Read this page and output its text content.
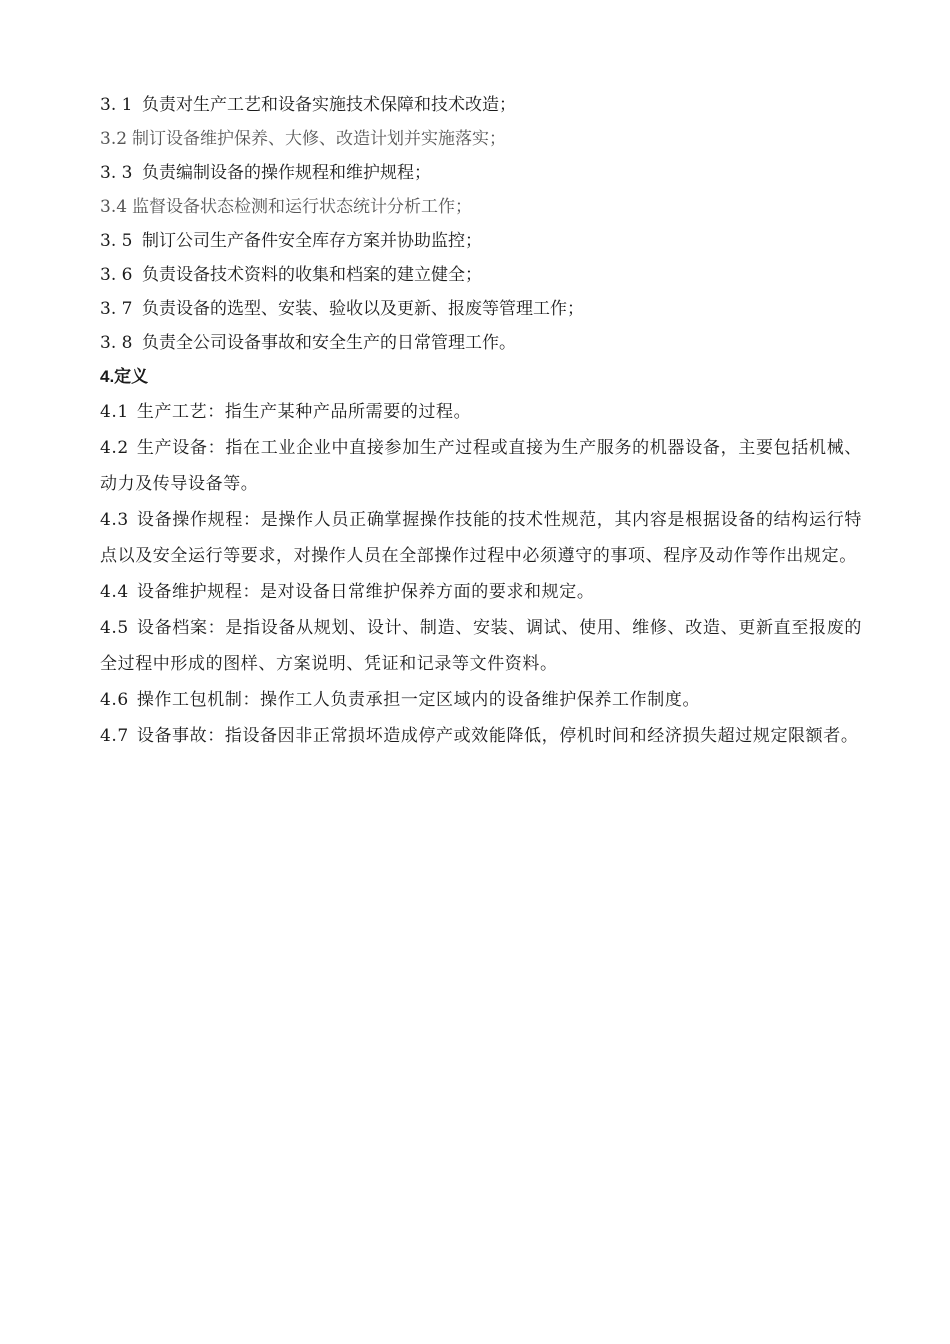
3. 1 负责对生产工艺和设备实施技术保障和技术改造；

3.2 制订设备维护保养、大修、改造计划并实施落实；

3. 3 负责编制设备的操作规程和维护规程；

3.4 监督设备状态检测和运行状态统计分析工作；

3. 5 制订公司生产备件安全库存方案并协助监控；

3. 6 负责设备技术资料的收集和档案的建立健全；

3. 7 负责设备的选型、安装、验收以及更新、报废等管理工作；

3. 8 负责全公司设备事故和安全生产的日常管理工作。

4.定义

4.1 生产工艺：指生产某种产品所需要的过程。

4.2 生产设备：指在工业企业中直接参加生产过程或直接为生产服务的机器设备，主要包括机械、动力及传导设备等。

4.3 设备操作规程：是操作人员正确掌握操作技能的技术性规范，其内容是根据设备的结构运行特点以及安全运行等要求，对操作人员在全部操作过程中必须遵守的事项、程序及动作等作出规定。

4.4 设备维护规程：是对设备日常维护保养方面的要求和规定。

4.5 设备档案：是指设备从规划、设计、制造、安装、调试、使用、维修、改造、更新直至报废的全过程中形成的图样、方案说明、凭证和记录等文件资料。

4.6 操作工包机制：操作工人负责承担一定区域内的设备维护保养工作制度。

4.7 设备事故：指设备因非正常损坏造成停产或效能降低，停机时间和经济损失超过规定限额者。
